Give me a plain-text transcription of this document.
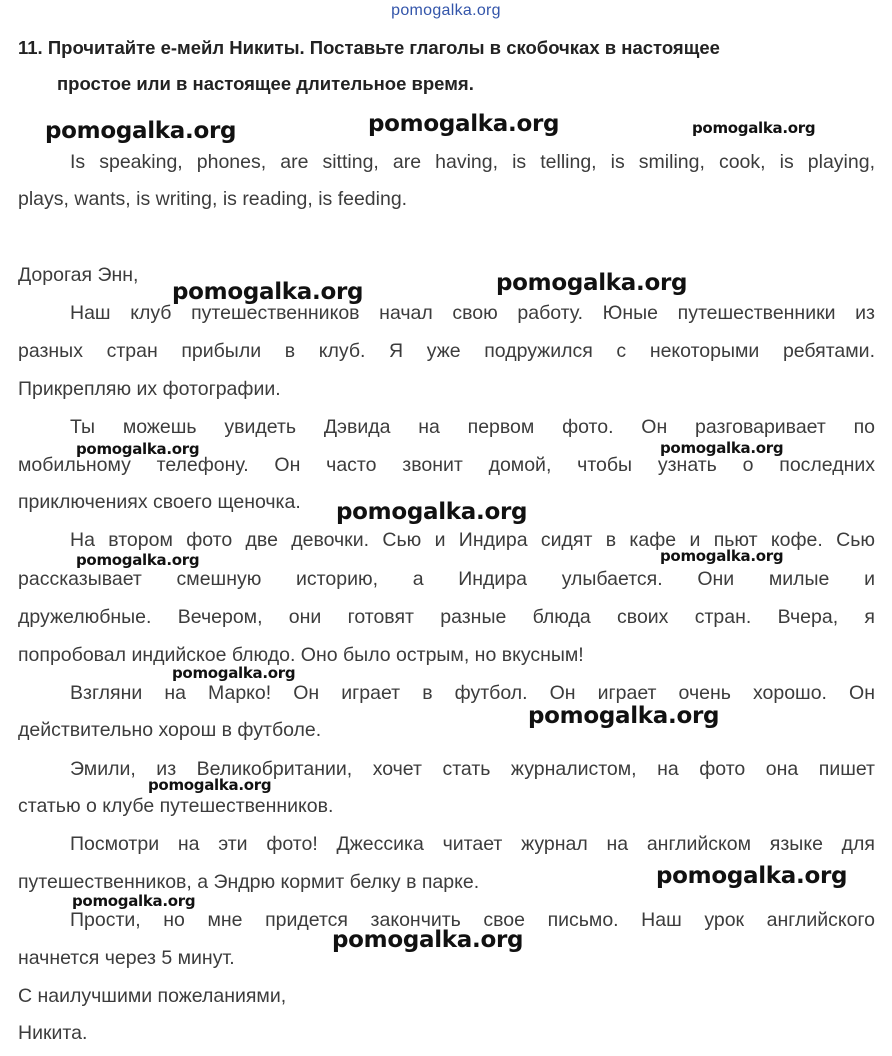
pomogalka.org
11. Прочитайте е-мейл Никиты. Поставьте глаголы в скобочках в настоящее
простое или в настоящее длительное время.
Is speaking, phones, are sitting, are having, is telling, is smiling, cook, is playing,
plays, wants, is writing, is reading, is feeding.
Дорогая Энн,
Наш клуб путешественников начал свою работу. Юные путешественники из
разных стран прибыли в клуб. Я уже подружился с некоторыми ребятами.
Прикрепляю их фотографии.
Ты можешь увидеть Дэвида на первом фото. Он разговаривает по
мобильному телефону. Он часто звонит домой, чтобы узнать о последних
приключениях своего щеночка.
На втором фото две девочки. Сью и Индира сидят в кафе и пьют кофе. Сью
рассказывает смешную историю, а Индира улыбается. Они милые и
дружелюбные. Вечером, они готовят разные блюда своих стран. Вчера, я
попробовал индийское блюдо. Оно было острым, но вкусным!
Взгляни на Марко! Он играет в футбол. Он играет очень хорошо. Он
действительно хорош в футболе.
Эмили, из Великобритании, хочет стать журналистом, на фото она пишет
статью о клубе путешественников.
Посмотри на эти фото! Джессика читает журнал на английском языке для
путешественников, а Эндрю кормит белку в парке.
Прости, но мне придется закончить свое письмо. Наш урок английского
начнется через 5 минут.
С наилучшими пожеланиями,
Никита.
pomogalka.org	pomogalka.org	pomogalka.org
pomogalka.org	pomogalka.org
pomogalka.org	pomogalka.org
pomogalka.org
pomogalka.org	pomogalka.org
pomogalka.org
pomogalka.org
pomogalka.org
pomogalka.org
pomogalka.org
pomogalka.org
